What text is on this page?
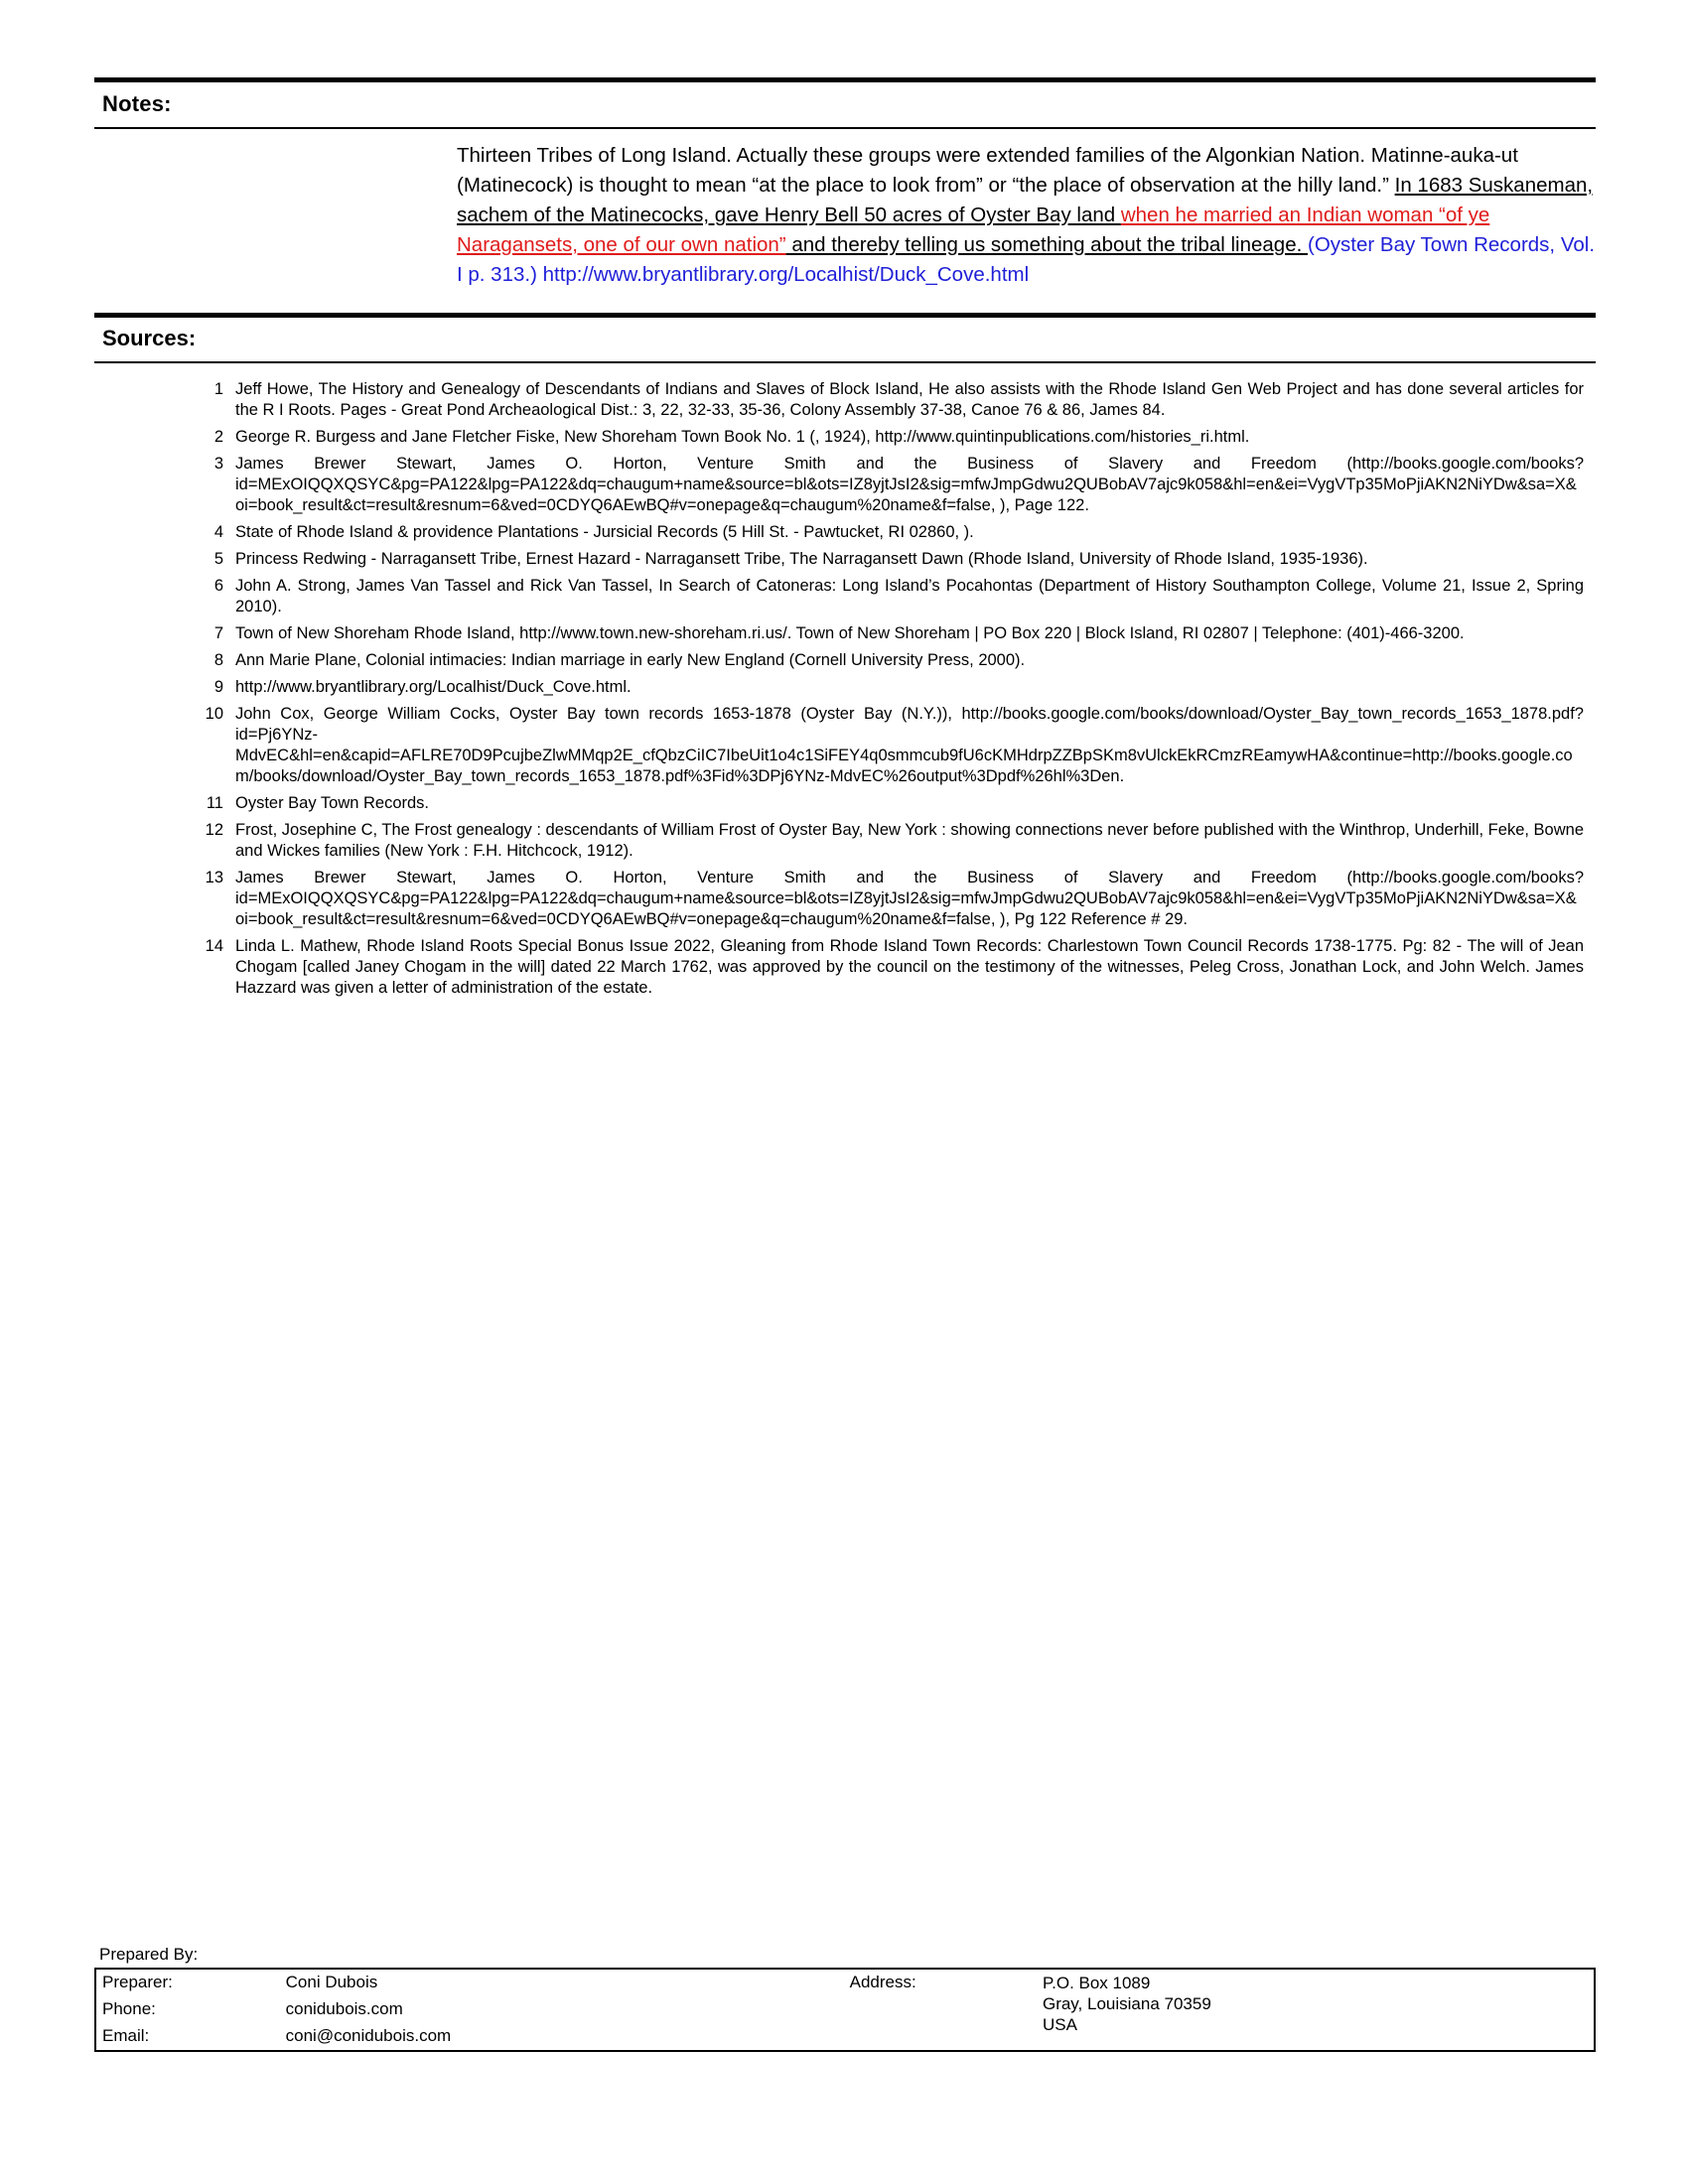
Notes:
Thirteen Tribes of Long Island. Actually these groups were extended families of the Algonkian Nation. Matinne-auka-ut (Matinecock) is thought to mean “at the place to look from” or “the place of observation at the hilly land.” In 1683 Suskaneman, sachem of the Matinecocks, gave Henry Bell 50 acres of Oyster Bay land when he married an Indian woman “of ye Naragansets, one of our own nation” and thereby telling us something about the tribal lineage. (Oyster Bay Town Records, Vol. I p. 313.) http://www.bryantlibrary.org/Localhist/Duck_Cove.html
Sources:
1 Jeff Howe, The History and Genealogy of Descendants of Indians and Slaves of Block Island, He also assists with the Rhode Island Gen Web Project and has done several articles for the R I Roots. Pages - Great Pond Archeaological Dist.: 3, 22, 32-33, 35-36, Colony Assembly 37-38, Canoe 76 & 86, James 84.
2 George R. Burgess and Jane Fletcher Fiske, New Shoreham Town Book No. 1 (, 1924), http://www.quintinpublications.com/histories_ri.html.
3 James Brewer Stewart, James O. Horton, Venture Smith and the Business of Slavery and Freedom (http://books.google.com/books?id=MExOIQQXQSYC&pg=PA122&lpg=PA122&dq=chaugum+name&source=bl&ots=IZ8yjtJsI2&sig=mfwJmpGdwu2QUBobAV7ajc9k058&hl=en&ei=VygVTp35MoPjiAKN2NiYDw&sa=X&oi=book_result&ct=result&resnum=6&ved=0CDYQ6AEwBQ#v=onepage&q=chaugum%20name&f=false, ), Page 122.
4 State of Rhode Island & providence Plantations - Jursicial Records (5 Hill St. - Pawtucket, RI 02860, ).
5 Princess Redwing - Narragansett Tribe, Ernest Hazard - Narragansett Tribe, The Narragansett Dawn (Rhode Island, University of Rhode Island, 1935-1936).
6 John A. Strong, James Van Tassel and Rick Van Tassel, In Search of Catoneras: Long Island’s Pocahontas (Department of History Southampton College, Volume 21, Issue 2, Spring 2010).
7 Town of New Shoreham Rhode Island, http://www.town.new-shoreham.ri.us/. Town of New Shoreham | PO Box 220 | Block Island, RI 02807 | Telephone: (401)-466-3200.
8 Ann Marie Plane, Colonial intimacies: Indian marriage in early New England (Cornell University Press, 2000).
9 http://www.bryantlibrary.org/Localhist/Duck_Cove.html.
10 John Cox, George William Cocks, Oyster Bay town records 1653-1878 (Oyster Bay (N.Y.)), http://books.google.com/books/download/Oyster_Bay_town_records_1653_1878.pdf?id=Pj6YNz-MdvEC&hl=en&capid=AFLRE70D9PcujbeZlwMMqp2E_cfQbzCiIC7IbeUit1o4c1SiFEY4q0smmcub9fU6cKMHdrpZZBpSKm8vUlckEkRCmzREamywHA&continue=http://books.google.com/books/download/Oyster_Bay_town_records_1653_1878.pdf%3Fid%3DPj6YNz-MdvEC%26output%3Dpdf%26hl%3Den.
11 Oyster Bay Town Records.
12 Frost, Josephine C, The Frost genealogy : descendants of William Frost of Oyster Bay, New York : showing connections never before published with the Winthrop, Underhill, Feke, Bowne and Wickes families (New York : F.H. Hitchcock, 1912).
13 James Brewer Stewart, James O. Horton, Venture Smith and the Business of Slavery and Freedom (http://books.google.com/books?id=MExOIQQXQSYC&pg=PA122&lpg=PA122&dq=chaugum+name&source=bl&ots=IZ8yjtJsI2&sig=mfwJmpGdwu2QUBobAV7ajc9k058&hl=en&ei=VygVTp35MoPjiAKN2NiYDw&sa=X&oi=book_result&ct=result&resnum=6&ved=0CDYQ6AEwBQ#v=onepage&q=chaugum%20name&f=false, ), Pg 122 Reference # 29.
14 Linda L. Mathew, Rhode Island Roots Special Bonus Issue 2022, Gleaning from Rhode Island Town Records: Charlestown Town Council Records 1738-1775. Pg: 82 - The will of Jean Chogam [called Janey Chogam in the will] dated 22 March 1762, was approved by the council on the testimony of the witnesses, Peleg Cross, Jonathan Lock, and John Welch. James Hazzard was given a letter of administration of the estate.
Prepared By:
Preparer:	Coni Dubois	Address:	P.O. Box 1089
Gray, Louisiana 70359
USA

Phone:	conidubois.com		
Email:	coni@conidubois.com		
